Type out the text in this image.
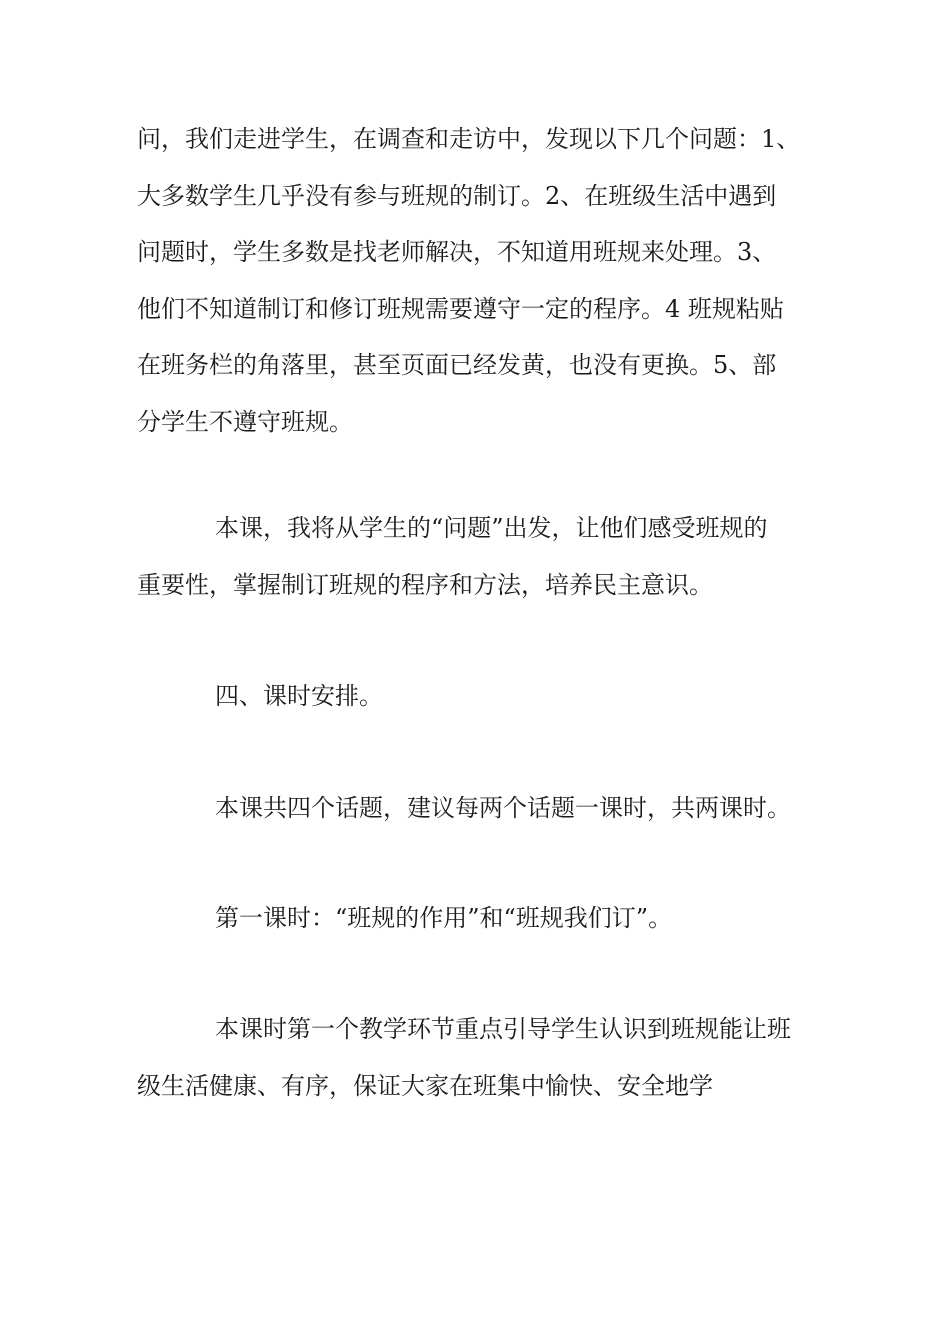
问，我们走进学生，在调查和走访中，发现以下几个问题：1、
大多数学生几乎没有参与班规的制订。2、在班级生活中遇到
问题时，学生多数是找老师解决，不知道用班规来处理。3、
他们不知道制订和修订班规需要遵守一定的程序。4 班规粘贴
在班务栏的角落里，甚至页面已经发黄，也没有更换。5、部
分学生不遵守班规。
本课，我将从学生的“问题”出发，让他们感受班规的
重要性，掌握制订班规的程序和方法，培养民主意识。
四、课时安排。
本课共四个话题，建议每两个话题一课时，共两课时。
第一课时：“班规的作用”和“班规我们订”。
本课时第一个教学环节重点引导学生认识到班规能让班
级生活健康、有序，保证大家在班集中愉快、安全地学
